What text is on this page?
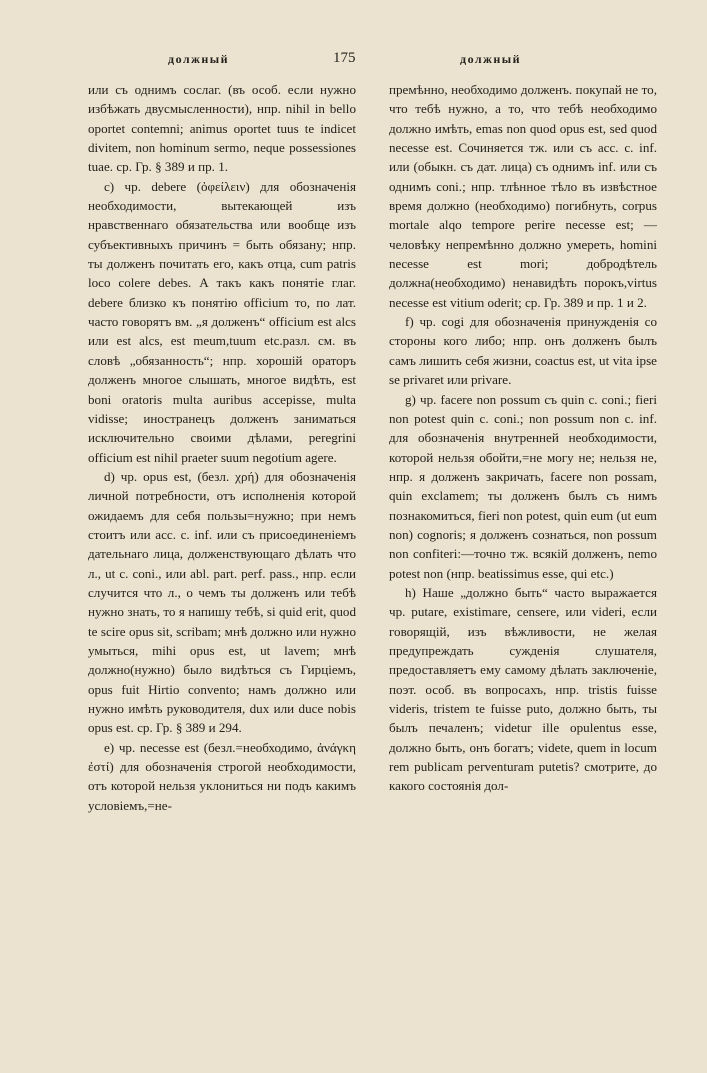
должный	175	должный

или съ однимъ сослаг. (въ особ. если нужно избѣжать двусмысленности), нпр. nihil in bello oportet contemni; animus oportet tuus te indicet divitem, non hominum sermo, neque possessiones tuae. ср. Гр. § 389 и пр. 1.

с) чр. debere (ὀφείλειν) для обозначенія необходимости, вытекающей изъ нравственнаго обязательства или вообще изъ субъективныхъ причинъ = быть обязану; нпр. ты долженъ почитать его, какъ отца, cum patris loco colere debes. А такъ какъ понятіе глаг. debere близко къ понятію officium то, по лат. часто говорятъ вм. „я долженъ“ officium est alcs или est alcs, est meum,tuum etc.разл. см. въ словѣ „обязанность“; нпр. хорошій ораторъ долженъ многое слышать, многое видѣть, est boni oratoris multa auribus accepisse, multa vidisse; иностранецъ долженъ заниматься исключительно своими дѣлами, peregrini officium est nihil praeter suum negotium agere.

d) чр. opus est, (безл. χρή) для обозначенія личной потребности, отъ исполненія которой ожидаемъ для себя пользы=нужно; при немъ стоитъ или acc. c. inf. или съ присоединеніемъ дательнаго лица, долженствующаго дѣлать что л., ut c. coni., или abl. part. perf. pass., нпр. если случится что л., о чемъ ты долженъ или тебѣ нужно знать, то я напишу тебѣ, si quid erit, quod te scire opus sit, scribam; мнѣ должно или нужно умыться, mihi opus est, ut lavem; мнѣ должно(нужно) было видѣться съ Гирціемъ, opus fuit Hirtio convento; намъ должно или нужно имѣть руководителя, dux или duce nobis opus est. ср. Гр. § 389 и 294.

e) чр. necesse est (безл.=необходимо, ἀνάγκη ἐστί) для обозначенія строгой необходимости, отъ которой нельзя уклониться ни подъ какимъ условіемъ,=не-

премѣнно, необходимо долженъ. покупай не то, что тебѣ нужно, а то, что тебѣ необходимо должно имѣть, emas non quod opus est, sed quod necesse est. Сочиняется тж. или съ acc. c. inf. или (обыкн. съ дат. лица) съ однимъ inf. или съ однимъ coni.; нпр. тлѣнное тѣло въ извѣстное время должно (необходимо) погибнуть, corpus mortale alqo tempore perire necesse est; —человѣку непремѣнно должно умереть, homini necesse est mori; добродѣтель должна(необходимо) ненавидѣть порокъ,virtus necesse est vitium oderit; ср. Гр. 389 и пр. 1 и 2.

f) чр. cogi для обозначенія принужденія со стороны кого либо; нпр. онъ долженъ былъ самъ лишить себя жизни, coactus est, ut vita ipse se privaret или privare.

g) чр. facere non possum съ quin c. coni.; fieri non potest quin c. coni.; non possum non c. inf. для обозначенія внутренней необходимости, которой нельзя обойти,=не могу не; нельзя не, нпр. я долженъ закричать, facere non possam, quin exclamem; ты долженъ былъ съ нимъ познакомиться, fieri non potest, quin eum (ut eum non) cognoris; я долженъ сознаться, non possum non confiteri:—точно тж. всякій долженъ, nemo potest non (нпр. beatissimus esse, qui etc.)

h) Наше „должно быть“ часто выражается чр. putare, existimare, censere, или videri, если говорящій, изъ вѣжливости, не желая предупреждать сужденія слушателя, предоставляетъ ему самому дѣлать заключеніе, поэт. особ. въ вопросахъ, нпр. tristis fuisse videris, tristem te fuisse puto, должно быть, ты былъ печаленъ; videtur ille opulentus esse, должно быть, онъ богатъ; videte, quem in locum rem publicam perventuram putetis? смотрите, до какого состоянія дол-
